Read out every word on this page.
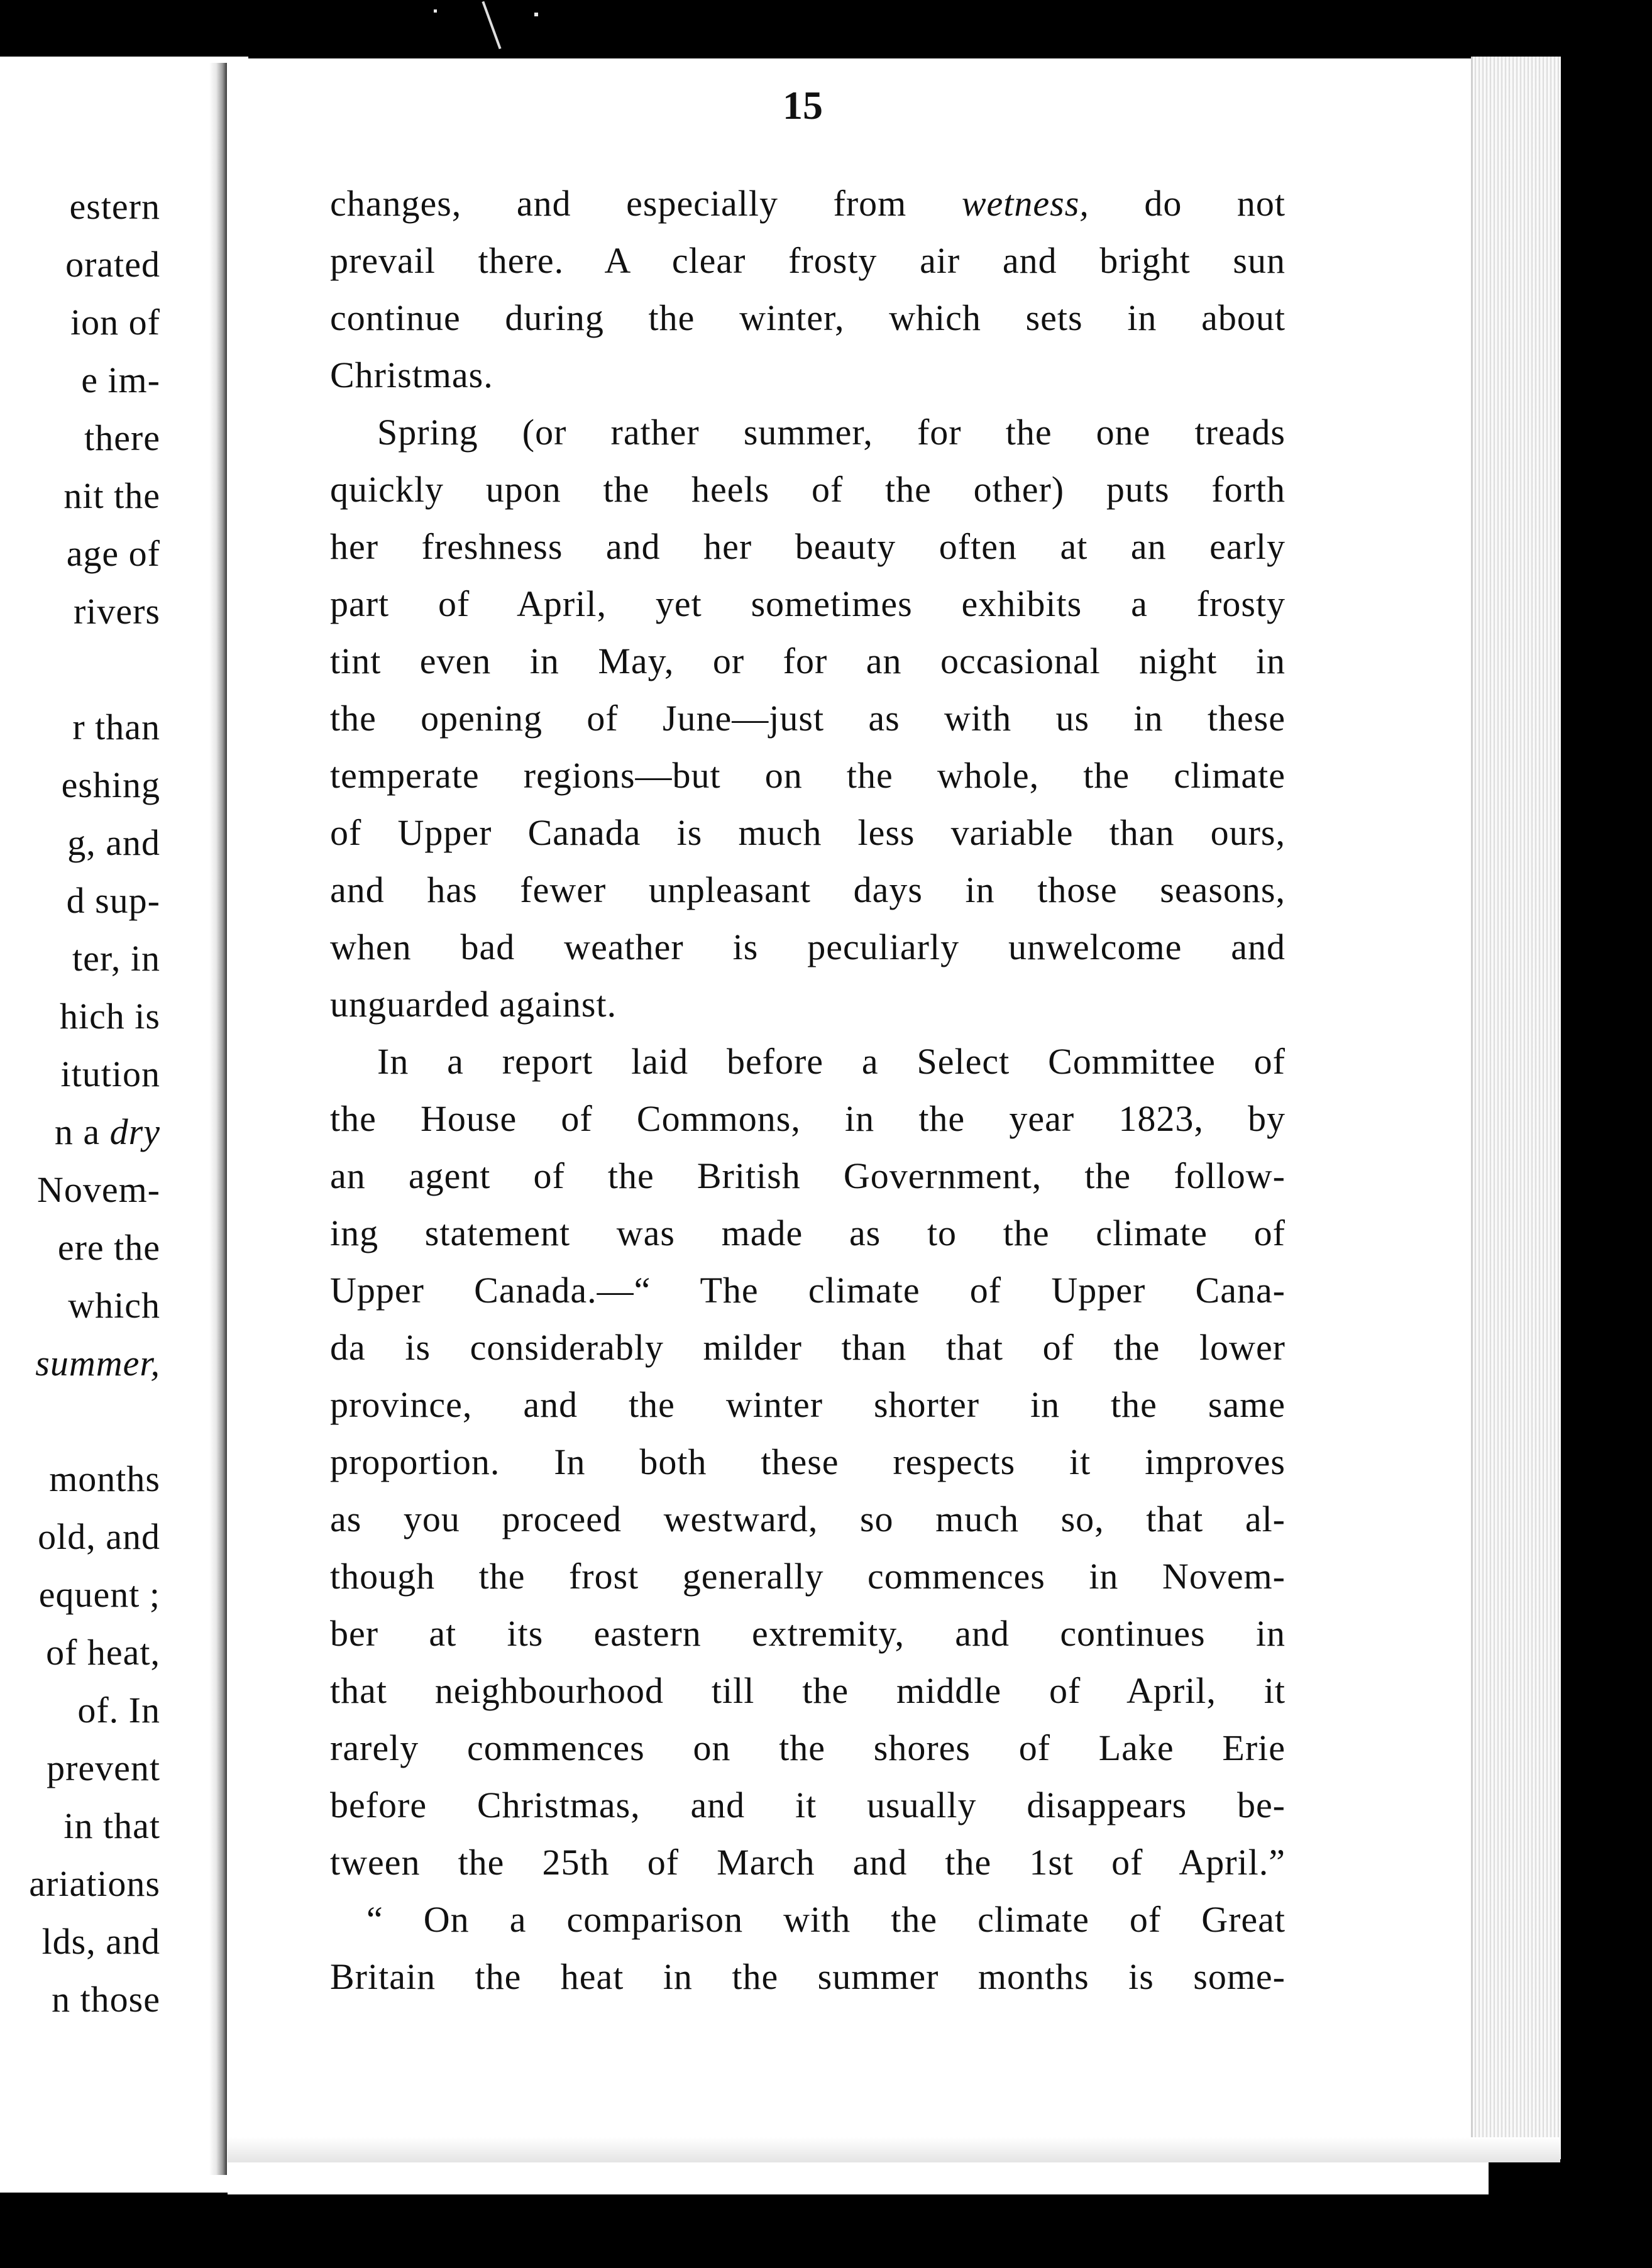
estern
orated
ion of
e im-
there
nit the
age of
rivers
r than
eshing
g, and
d sup-
ter, in
hich is
itution
n a dry
Novem-
ere the
which
summer,
months
old, and
equent ;
of heat,
of. In
prevent
in that
ariations
lds, and
n those
15
changes, and especially from wetness, do not
prevail there. A clear frosty air and bright sun
continue during the winter, which sets in about
Christmas.
Spring (or rather summer, for the one treads
quickly upon the heels of the other) puts forth
her freshness and her beauty often at an early
part of April, yet sometimes exhibits a frosty
tint even in May, or for an occasional night in
the opening of June—just as with us in these
temperate regions—but on the whole, the climate
of Upper Canada is much less variable than ours,
and has fewer unpleasant days in those seasons,
when bad weather is peculiarly unwelcome and
unguarded against.
In a report laid before a Select Committee of
the House of Commons, in the year 1823, by
an agent of the British Government, the follow-
ing statement was made as to the climate of
Upper Canada.—“ The climate of Upper Cana-
da is considerably milder than that of the lower
province, and the winter shorter in the same
proportion. In both these respects it improves
as you proceed westward, so much so, that al-
though the frost generally commences in Novem-
ber at its eastern extremity, and continues in
that neighbourhood till the middle of April, it
rarely commences on the shores of Lake Erie
before Christmas, and it usually disappears be-
tween the 25th of March and the 1st of April.”
“ On a comparison with the climate of Great
Britain the heat in the summer months is some-
